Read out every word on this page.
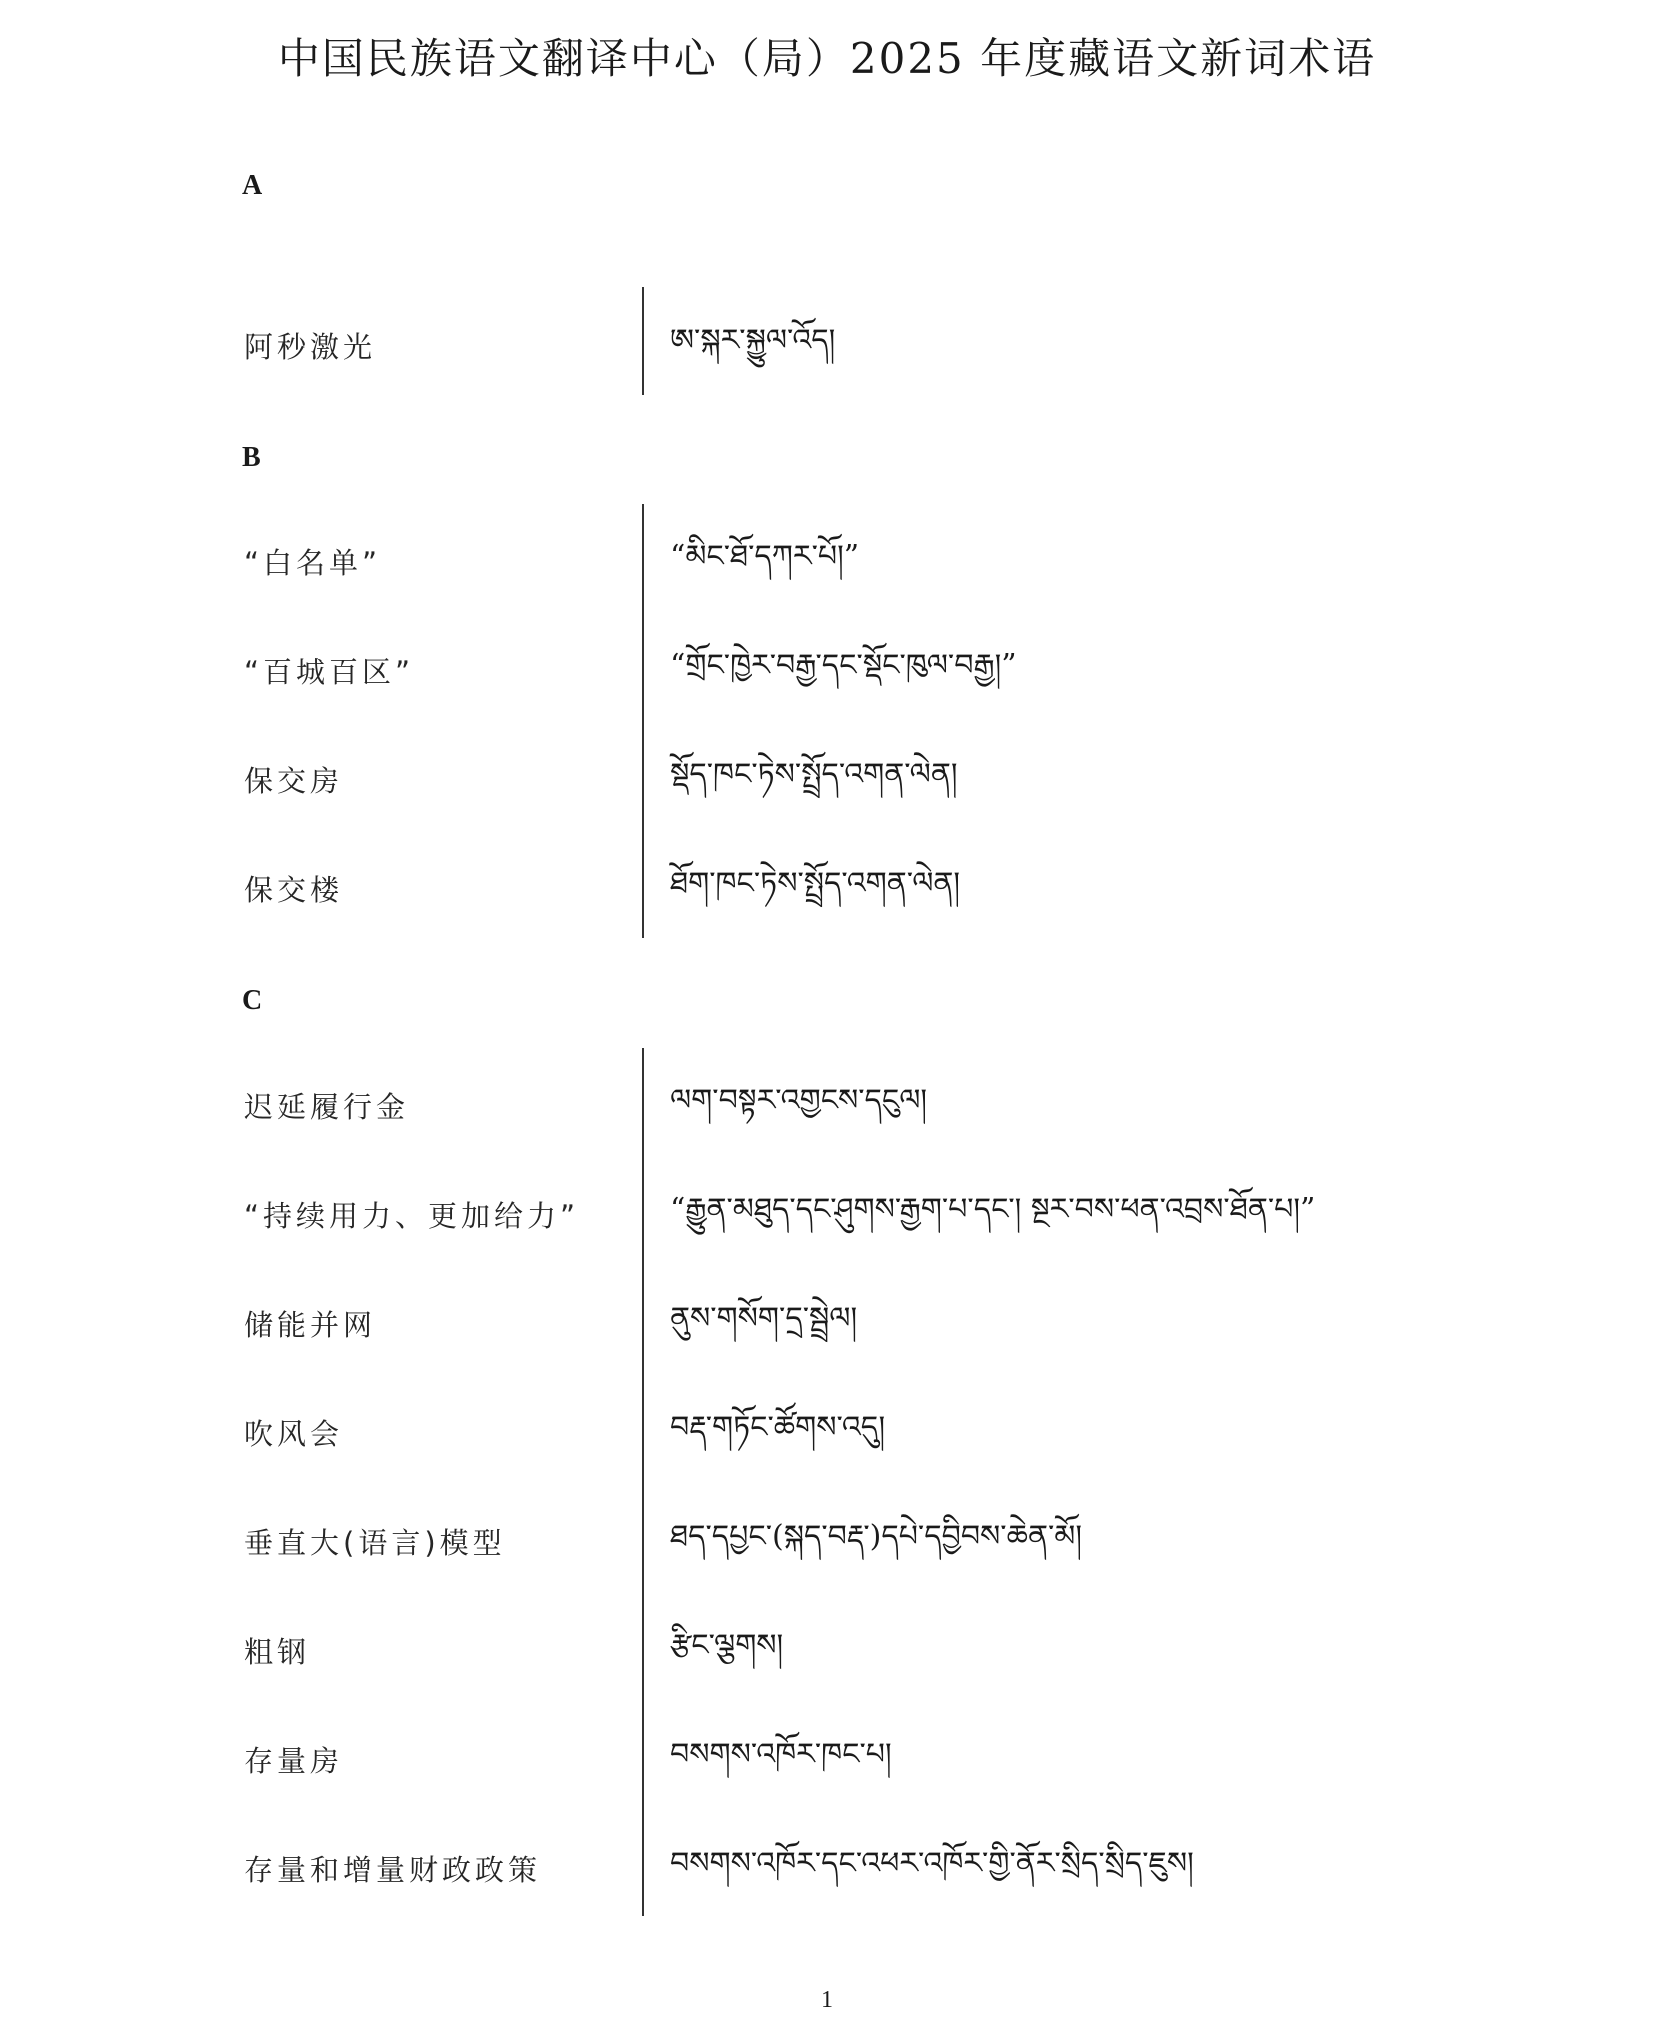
中国民族语文翻译中心（局）2025 年度藏语文新词术语
A
阿秒激光	ཨ་སྐར་སྐྱུལ་འོད།
B
“白名单”	“མིང་ཐོ་དཀར་པོ།”
“百城百区”	“གྲོང་ཁྱེར་བརྒྱ་དང་སྡོང་ཁུལ་བརྒྱ།”
保交房	སྡོད་ཁང་ཏེས་སྤྲོད་འགན་ལེན།
保交楼	ཐོག་ཁང་ཏེས་སྤྲོད་འགན་ལེན།
C
迟延履行金	ལག་བསྟར་འགྱངས་དངུལ།
“持续用力、更加给力”	“རྒྱུན་མཐུད་དང་ཤུགས་རྒྱག་པ་དང་། སྔར་བས་ཕན་འབྲས་ཐོན་པ།”
储能并网	ནུས་གསོག་དྲ་སྦྲེལ།
吹风会	བརྡ་གཏོང་ཚོགས་འདུ།
垂直大(语言)模型	ཐད་དཔྱང་(སྐད་བརྡ་)དཔེ་དབྱིབས་ཆེན་མོ།
粗钢	རྩིང་ལྕགས།
存量房	བསགས་འཁོར་ཁང་པ།
存量和增量财政政策	བསགས་འཁོར་དང་འཕར་འཁོར་གྱི་ནོར་སྲིད་སྲིད་ཇུས།
1
